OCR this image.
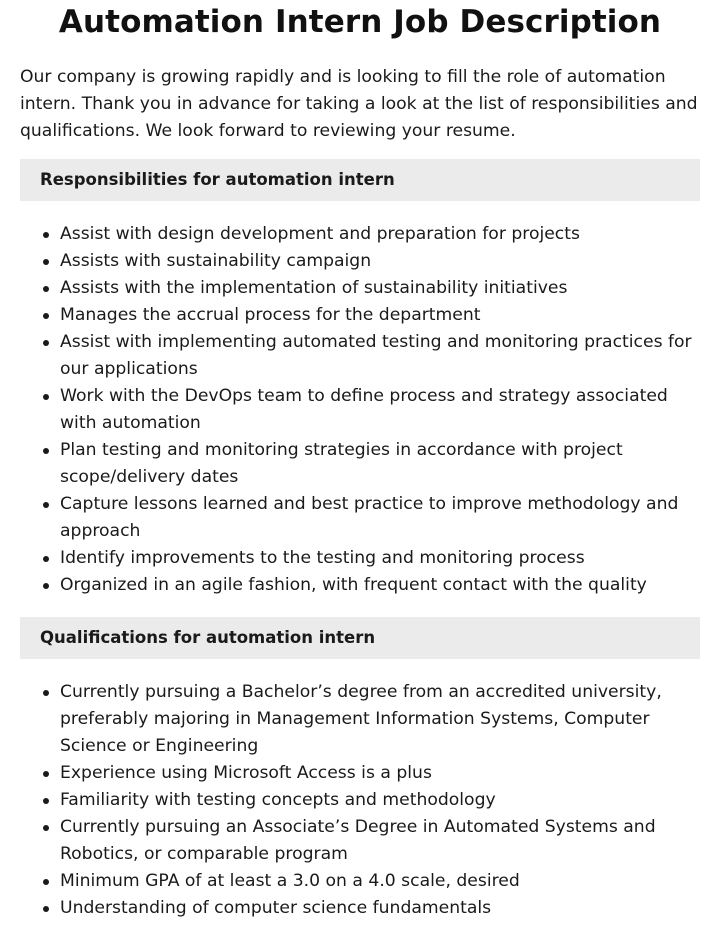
Automation Intern Job Description

Our company is growing rapidly and is looking to fill the role of automation intern. Thank you in advance for taking a look at the list of responsibilities and qualifications. We look forward to reviewing your resume.

Responsibilities for automation intern
Assist with design development and preparation for projects
Assists with sustainability campaign
Assists with the implementation of sustainability initiatives
Manages the accrual process for the department
Assist with implementing automated testing and monitoring practices for our applications
Work with the DevOps team to define process and strategy associated with automation
Plan testing and monitoring strategies in accordance with project scope/delivery dates
Capture lessons learned and best practice to improve methodology and approach
Identify improvements to the testing and monitoring process
Organized in an agile fashion, with frequent contact with the quality
Qualifications for automation intern
Currently pursuing a Bachelor’s degree from an accredited university, preferably majoring in Management Information Systems, Computer Science or Engineering
Experience using Microsoft Access is a plus
Familiarity with testing concepts and methodology
Currently pursuing an Associate’s Degree in Automated Systems and Robotics, or comparable program
Minimum GPA of at least a 3.0 on a 4.0 scale, desired
Understanding of computer science fundamentals
